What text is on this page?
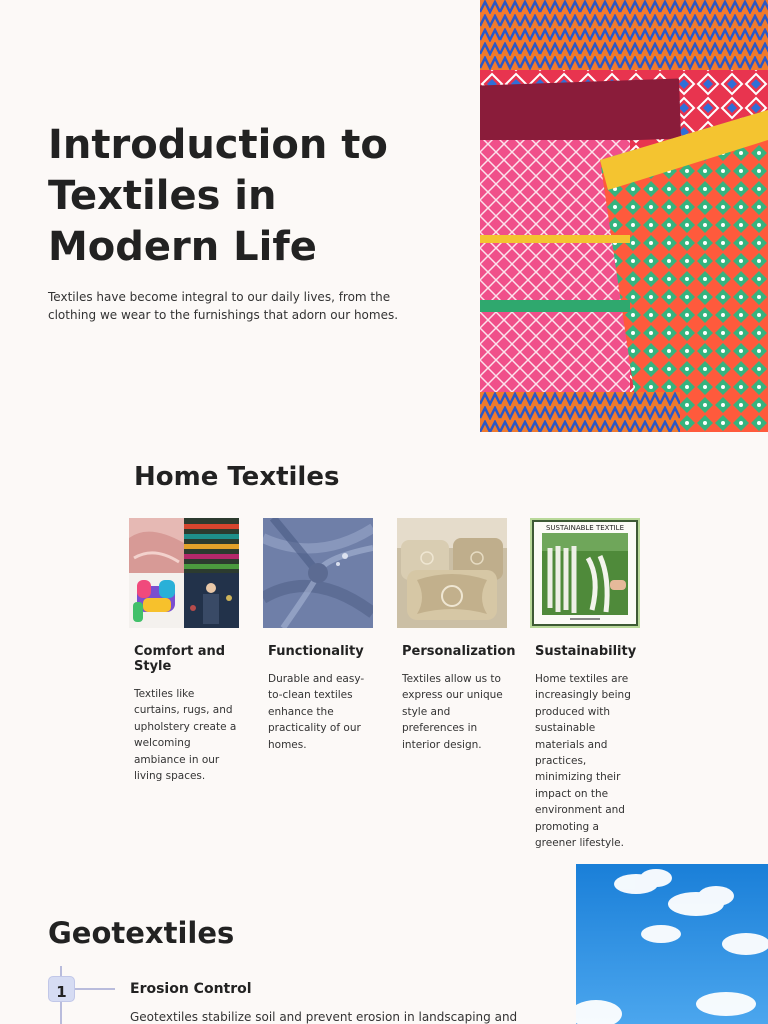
Introduction to Textiles in Modern Life

Textiles have become integral to our daily lives, from the clothing we wear to the furnishings that adorn our homes.

Home Textiles
Comfort and Style
Textiles like curtains, rugs, and upholstery create a welcoming ambiance in our living spaces.
Functionality
Durable and easy-to-clean textiles enhance the practicality of our homes.
Personalization
Textiles allow us to express our unique style and preferences in interior design.
SUSTAINABLE TEXTILE
Sustainability
Home textiles are increasingly being produced with sustainable materials and practices, minimizing their impact on the environment and promoting a greener lifestyle.
Geotextiles
1	Erosion Control
Geotextiles stabilize soil and prevent erosion in landscaping and
